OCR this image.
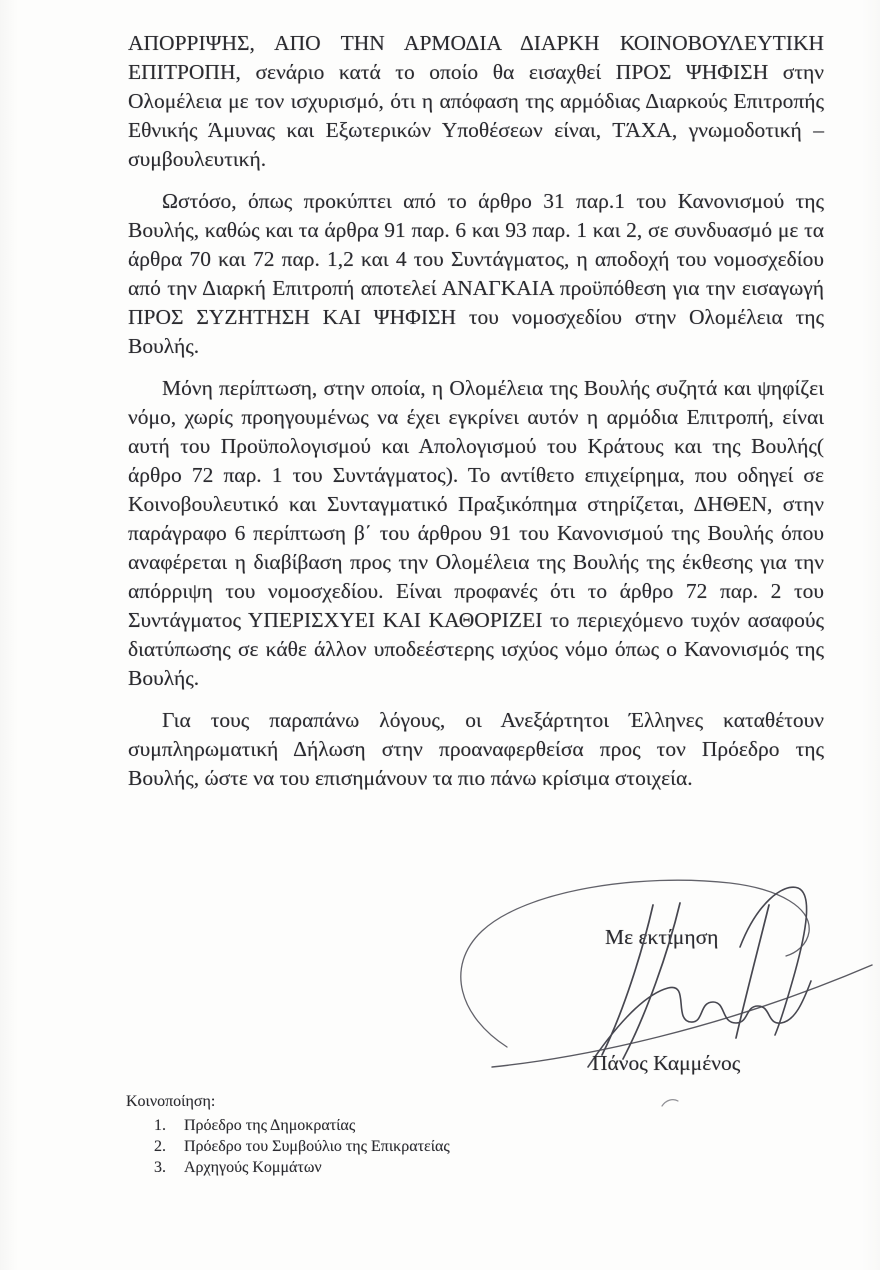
ΑΠΟΡΡΙΨΗΣ, ΑΠΟ ΤΗΝ ΑΡΜΟΔΙΑ ΔΙΑΡΚΗ ΚΟΙΝΟΒΟΥΛΕΥΤΙΚΗ ΕΠΙΤΡΟΠΗ, σενάριο κατά το οποίο θα εισαχθεί ΠΡΟΣ ΨΗΦΙΣΗ στην Ολομέλεια με τον ισχυρισμό, ότι η απόφαση της αρμόδιας Διαρκούς Επιτροπής Εθνικής Άμυνας και Εξωτερικών Υποθέσεων είναι, ΤΆΧΑ, γνωμοδοτική – συμβουλευτική.

Ωστόσο, όπως προκύπτει από το άρθρο 31 παρ.1 του Κανονισμού της Βουλής, καθώς και τα άρθρα 91 παρ. 6 και 93 παρ. 1 και 2, σε συνδυασμό με τα άρθρα 70 και 72 παρ. 1,2 και 4 του Συντάγματος, η αποδοχή του νομοσχεδίου από την Διαρκή Επιτροπή αποτελεί ΑΝΑΓΚΑΙΑ προϋπόθεση για την εισαγωγή ΠΡΟΣ ΣΥΖΗΤΗΣΗ ΚΑΙ ΨΗΦΙΣΗ του νομοσχεδίου στην Ολομέλεια της Βουλής.

Μόνη περίπτωση, στην οποία, η Ολομέλεια της Βουλής συζητά και ψηφίζει νόμο, χωρίς προηγουμένως να έχει εγκρίνει αυτόν η αρμόδια Επιτροπή, είναι αυτή του Προϋπολογισμού και Απολογισμού του Κράτους και της Βουλής( άρθρο 72 παρ. 1 του Συντάγματος). Το αντίθετο επιχείρημα, που οδηγεί σε Κοινοβουλευτικό και Συνταγματικό Πραξικόπημα στηρίζεται, ΔΗΘΕΝ, στην παράγραφο 6 περίπτωση β΄ του άρθρου 91 του Κανονισμού της Βουλής όπου αναφέρεται η διαβίβαση προς την Ολομέλεια της Βουλής της έκθεσης για την απόρριψη του νομοσχεδίου. Είναι προφανές ότι το άρθρο 72 παρ. 2 του Συντάγματος ΥΠΕΡΙΣΧΥΕΙ ΚΑΙ ΚΑΘΟΡΙΖΕΙ το περιεχόμενο τυχόν ασαφούς διατύπωσης σε κάθε άλλον υποδεέστερης ισχύος νόμο όπως ο Κανονισμός της Βουλής.

Για τους παραπάνω λόγους, οι Ανεξάρτητοι Έλληνες καταθέτουν συμπληρωματική Δήλωση στην προαναφερθείσα προς τον Πρόεδρο της Βουλής, ώστε να του επισημάνουν τα πιο πάνω κρίσιμα στοιχεία.

Με εκτίμηση
Πάνος Καμμένος
Κοινοποίηση:
1.	Πρόεδρο της Δημοκρατίας
2.	Πρόεδρο του Συμβούλιο της Επικρατείας
3.	Αρχηγούς Κομμάτων
